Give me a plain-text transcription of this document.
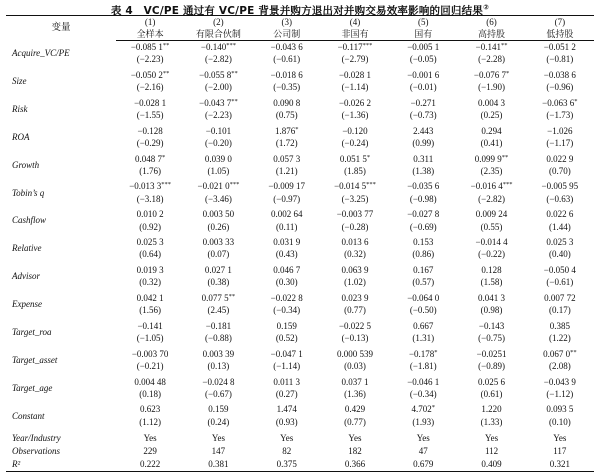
表 4　VC/PE 通过有 VC/PE 背景并购方退出对并购交易效率影响的回归结果②
变量	(1)	(2)	(3)	(4)	(5)	(6)	(7)
	全样本	有限合伙制	公司制	非国有	国有	高持股	低持股
Acquire_VC/PE	−0.085 1**	−0.140***	−0.043 6	−0.117***	−0.005 1	−0.141**	−0.051 2
	(−2.23)	(−2.82)	(−0.61)	(−2.79)	(−0.05)	(−2.28)	(−0.81)

Size	−0.050 2**	−0.055 8**	−0.018 6	−0.028 1	−0.001 6	−0.076 7*	−0.038 6
	(−2.16)	(−2.00)	(−0.35)	(−1.14)	(−0.01)	(−1.90)	(−0.96)

Risk	−0.028 1	−0.043 7**	0.090 8	−0.026 2	−0.271	0.004 3	−0.063 6*
	(−1.55)	(−2.23)	(0.75)	(−1.36)	(−0.73)	(0.25)	(−1.73)

ROA	−0.128	−0.101	1.876*	−0.120	2.443	0.294	−1.026
	(−0.29)	(−0.20)	(1.72)	(−0.24)	(0.99)	(0.41)	(−1.17)

Growth	0.048 7*	0.039 0	0.057 3	0.051 5*	0.311	0.099 9**	0.022 9
	(1.76)	(1.05)	(1.21)	(1.85)	(1.38)	(2.35)	(0.70)

Tobin’s q	−0.013 3***	−0.021 0***	−0.009 17	−0.014 5***	−0.035 6	−0.016 4***	−0.005 95
	(−3.18)	(−3.46)	(−0.97)	(−3.25)	(−0.98)	(−2.82)	(−0.63)

Cashflow	0.010 2	0.003 50	0.002 64	−0.003 77	−0.027 8	0.009 24	0.022 6
	(0.92)	(0.26)	(0.11)	(−0.28)	(−0.69)	(0.55)	(1.44)

Relative	0.025 3	0.003 33	0.031 9	0.013 6	0.153	−0.014 4	0.025 3
	(0.64)	(0.07)	(0.43)	(0.32)	(0.86)	(−0.22)	(0.40)

Advisor	0.019 3	0.027 1	0.046 7	0.063 9	0.167	0.128	−0.050 4
	(0.32)	(0.38)	(0.30)	(1.02)	(0.57)	(1.58)	(−0.61)

Expense	0.042 1	0.077 5**	−0.022 8	0.023 9	−0.064 0	0.041 3	0.007 72
	(1.56)	(2.45)	(−0.34)	(0.77)	(−0.50)	(0.98)	(0.17)

Target_roa	−0.141	−0.181	0.159	−0.022 5	0.667	−0.143	0.385
	(−1.05)	(−0.88)	(0.52)	(−0.13)	(1.31)	(−0.75)	(1.22)

Target_asset	−0.003 70	0.003 39	−0.047 1	0.000 539	−0.178*	−0.0251	0.067 0**
	(−0.21)	(0.13)	(−1.14)	(0.03)	(−1.81)	(−0.89)	(2.08)

Target_age	0.004 48	−0.024 8	0.011 3	0.037 1	−0.046 1	0.025 6	−0.043 9
	(0.18)	(−0.67)	(0.27)	(1.36)	(−0.34)	(0.61)	(−1.12)

Constant	0.623	0.159	1.474	0.429	4.702*	1.220	0.093 5
	(1.12)	(0.24)	(0.93)	(0.77)	(1.93)	(1.33)	(0.10)

Year/Industry	Yes	Yes	Yes	Yes	Yes	Yes	Yes
Observations	229	147	82	182	47	112	117
R²	0.222	0.381	0.375	0.366	0.679	0.409	0.321
